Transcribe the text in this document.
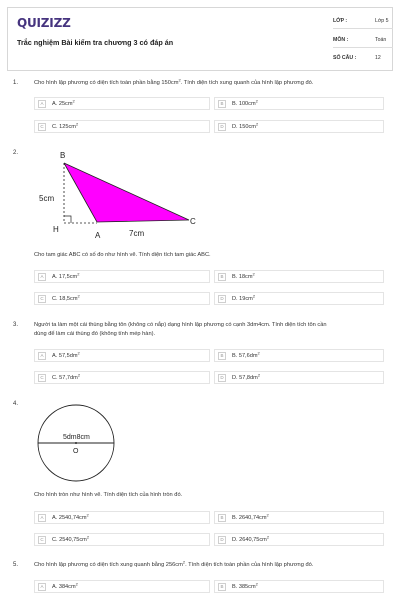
QUIZIZZ
Trắc nghiệm Bài kiểm tra chương 3 có đáp án
LỚP :	Lớp 5
MÔN :	Toán
SỐ CÂU :	12
1.	Cho hình lập phương có diện tích toàn phần bằng $150cm^2$. Tính diện tích xung quanh của hình lập phương đó.
A	A. $25cm^2$	B	B. $100cm^2$
C	C. $125cm^2$	D	D. $150cm^2$
2.	B
H
A
C
5cm
7cm
Cho tam giác ABC có số đo như hình vẽ. Tính diện tích tam giác ABC.
A	A. $17,5cm^2$	B	B. $18cm^2$
C	C. $18,5cm^2$	D	D. $19cm^2$
3.	Người ta làm một cái thùng bằng tôn (không có nắp) dạng hình lập phương có cạnh 3dm4cm. Tính diện tích tôn cần
dùng để làm cái thùng đó (không tính mép hàn).
A	A. $57,5dm^2$	B	B. $57,6dm^2$
C	C. $57,7dm^2$	D	D. $57,8dm^2$
4.
5dm8cm
O
Cho hình tròn như hình vẽ. Tính diện tích của hình tròn đó.
A	A. $2540,74cm^2$	B	B. $2640,74cm^2$
C	C. $2540,75cm^2$	D	D. $2640,75cm^2$
5.	Cho hình lập phương có diện tích xung quanh bằng $256cm^2$. Tính diện tích toàn phần của hình lập phương đó.
A	A. $384cm^2$	B	B. $385cm^2$
